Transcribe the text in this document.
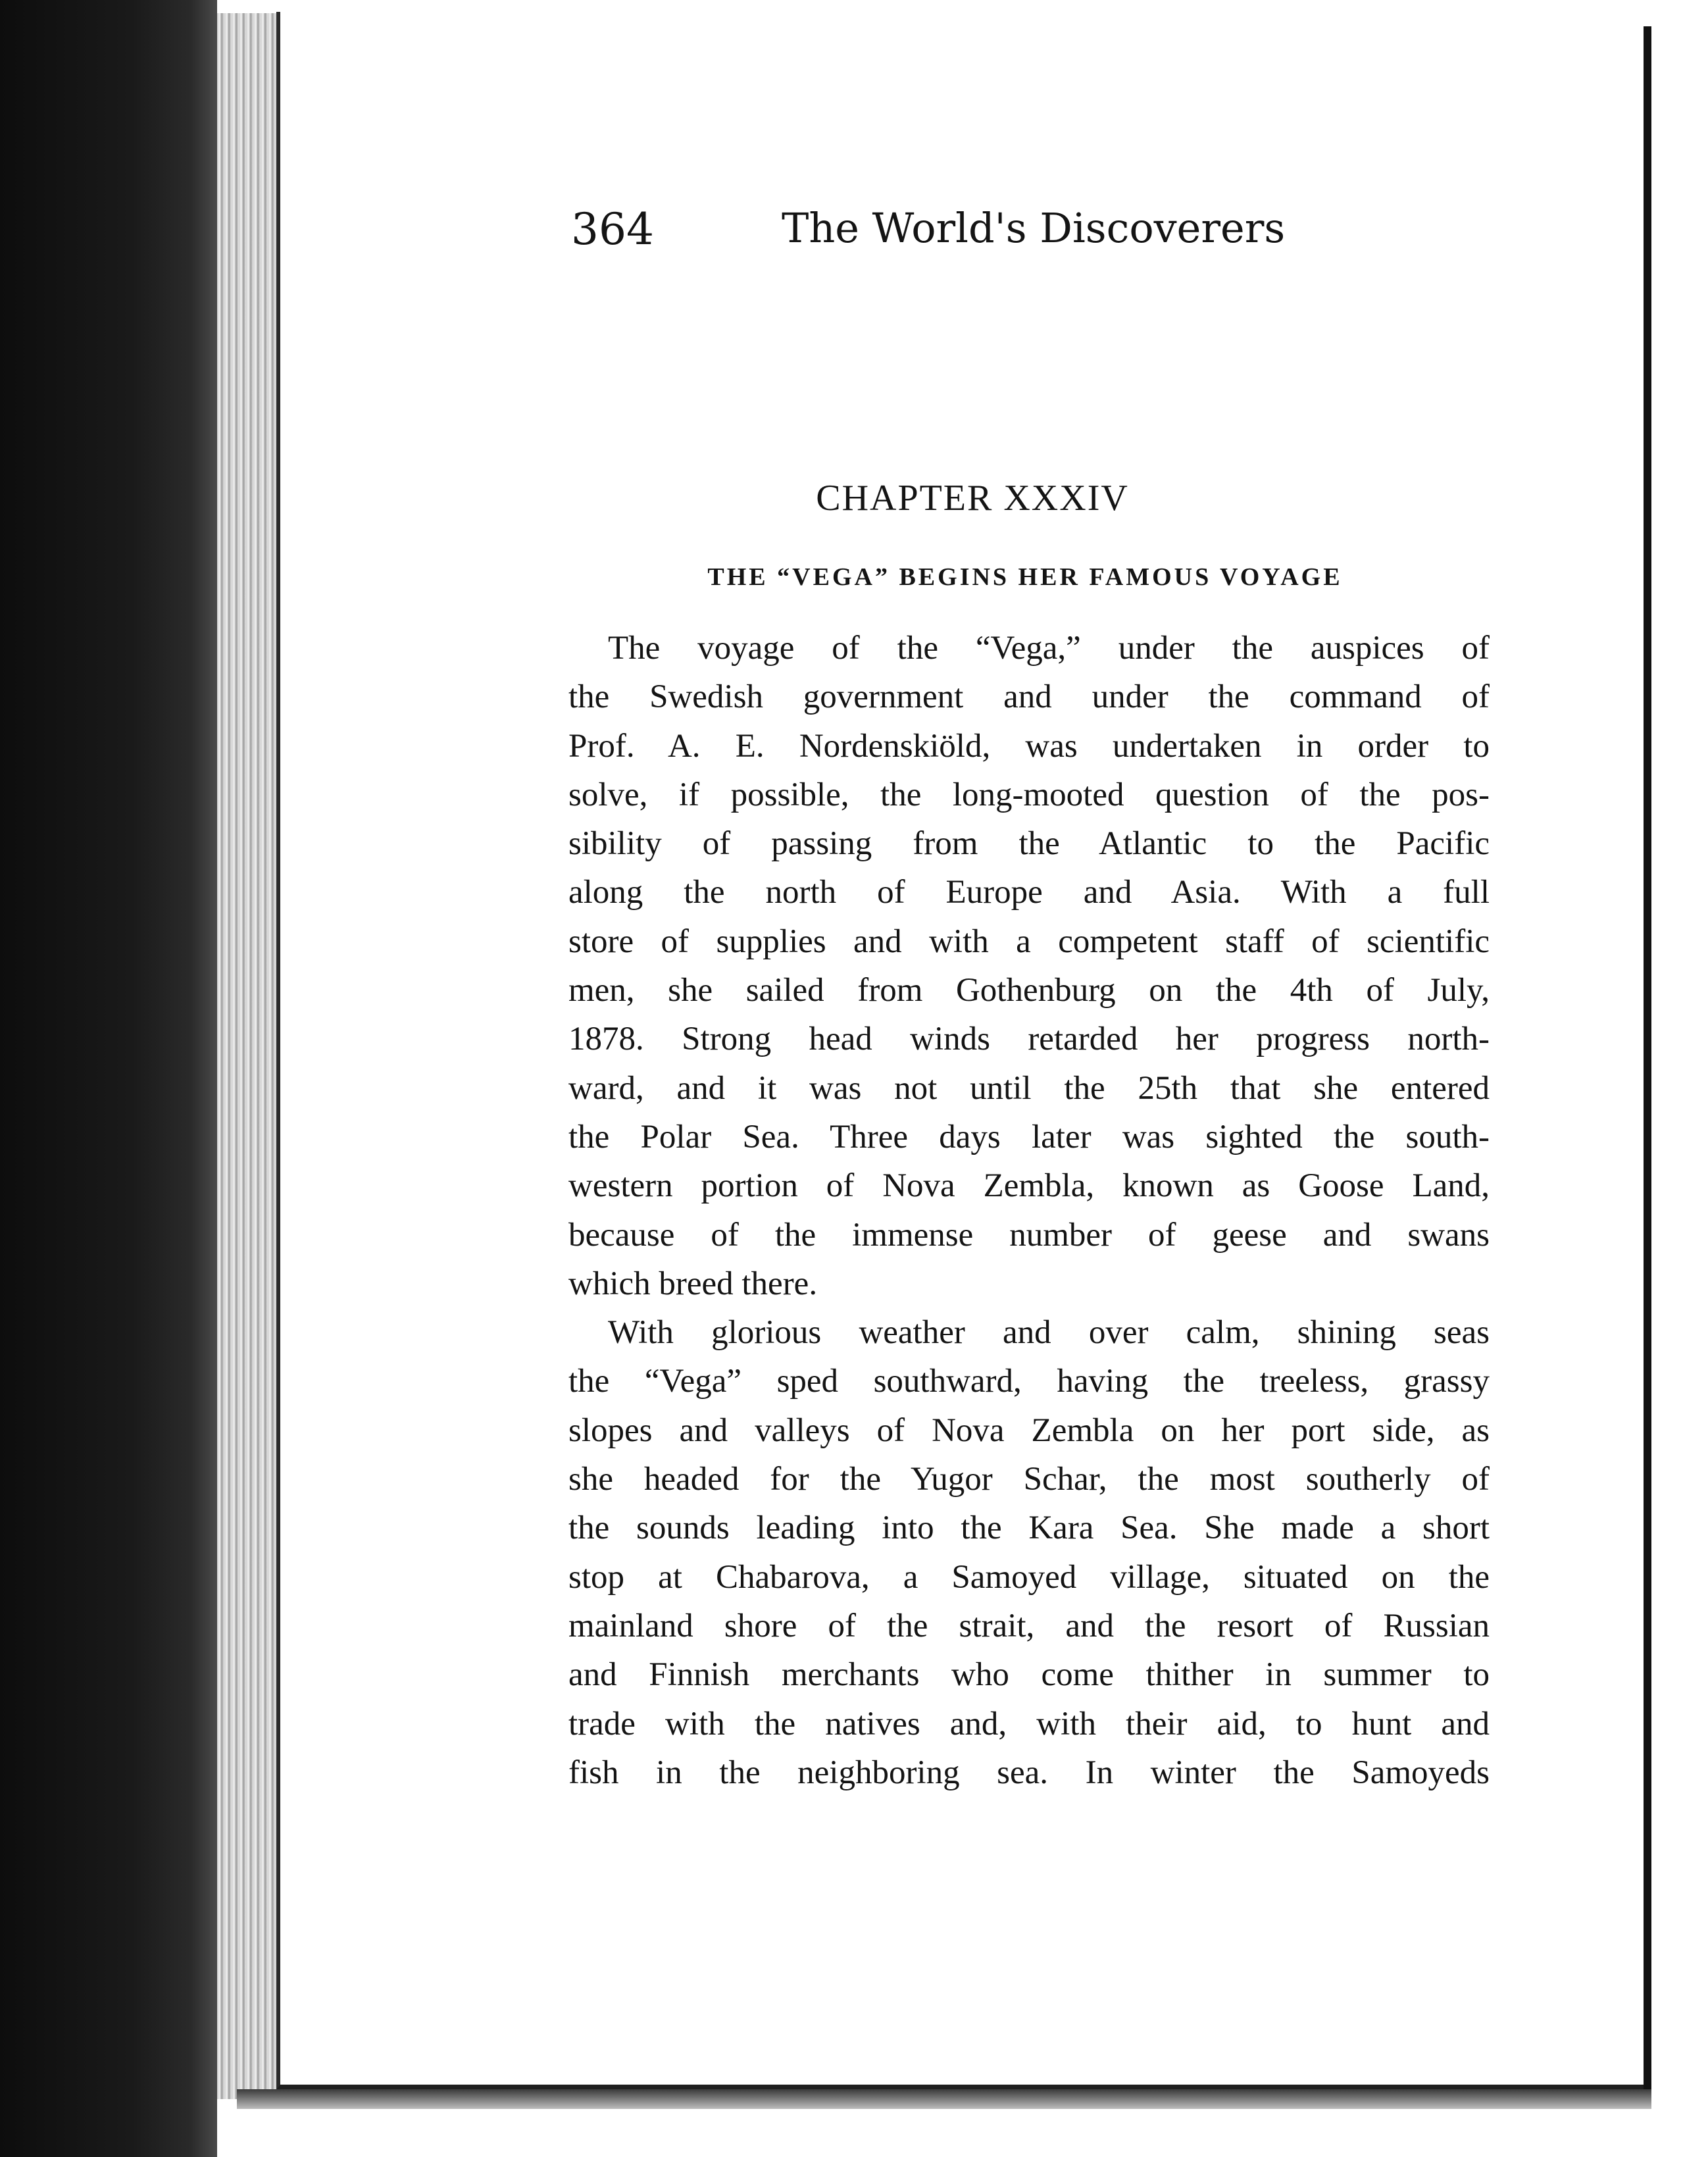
364	The World's Discoverers
CHAPTER XXXIV
THE “VEGA” BEGINS HER FAMOUS VOYAGE
The voyage of the “Vega,” under the auspices of
the Swedish government and under the command of
Prof. A. E. Nordenskiöld, was undertaken in order to
solve, if possible, the long-mooted question of the pos-
sibility of passing from the Atlantic to the Pacific
along the north of Europe and Asia. With a full
store of supplies and with a competent staff of scientific
men, she sailed from Gothenburg on the 4th of July,
1878. Strong head winds retarded her progress north-
ward, and it was not until the 25th that she entered
the Polar Sea. Three days later was sighted the south-
western portion of Nova Zembla, known as Goose Land,
because of the immense number of geese and swans
which breed there.
With glorious weather and over calm, shining seas
the “Vega” sped southward, having the treeless, grassy
slopes and valleys of Nova Zembla on her port side, as
she headed for the Yugor Schar, the most southerly of
the sounds leading into the Kara Sea. She made a short
stop at Chabarova, a Samoyed village, situated on the
mainland shore of the strait, and the resort of Russian
and Finnish merchants who come thither in summer to
trade with the natives and, with their aid, to hunt and
fish in the neighboring sea. In winter the Samoyeds
